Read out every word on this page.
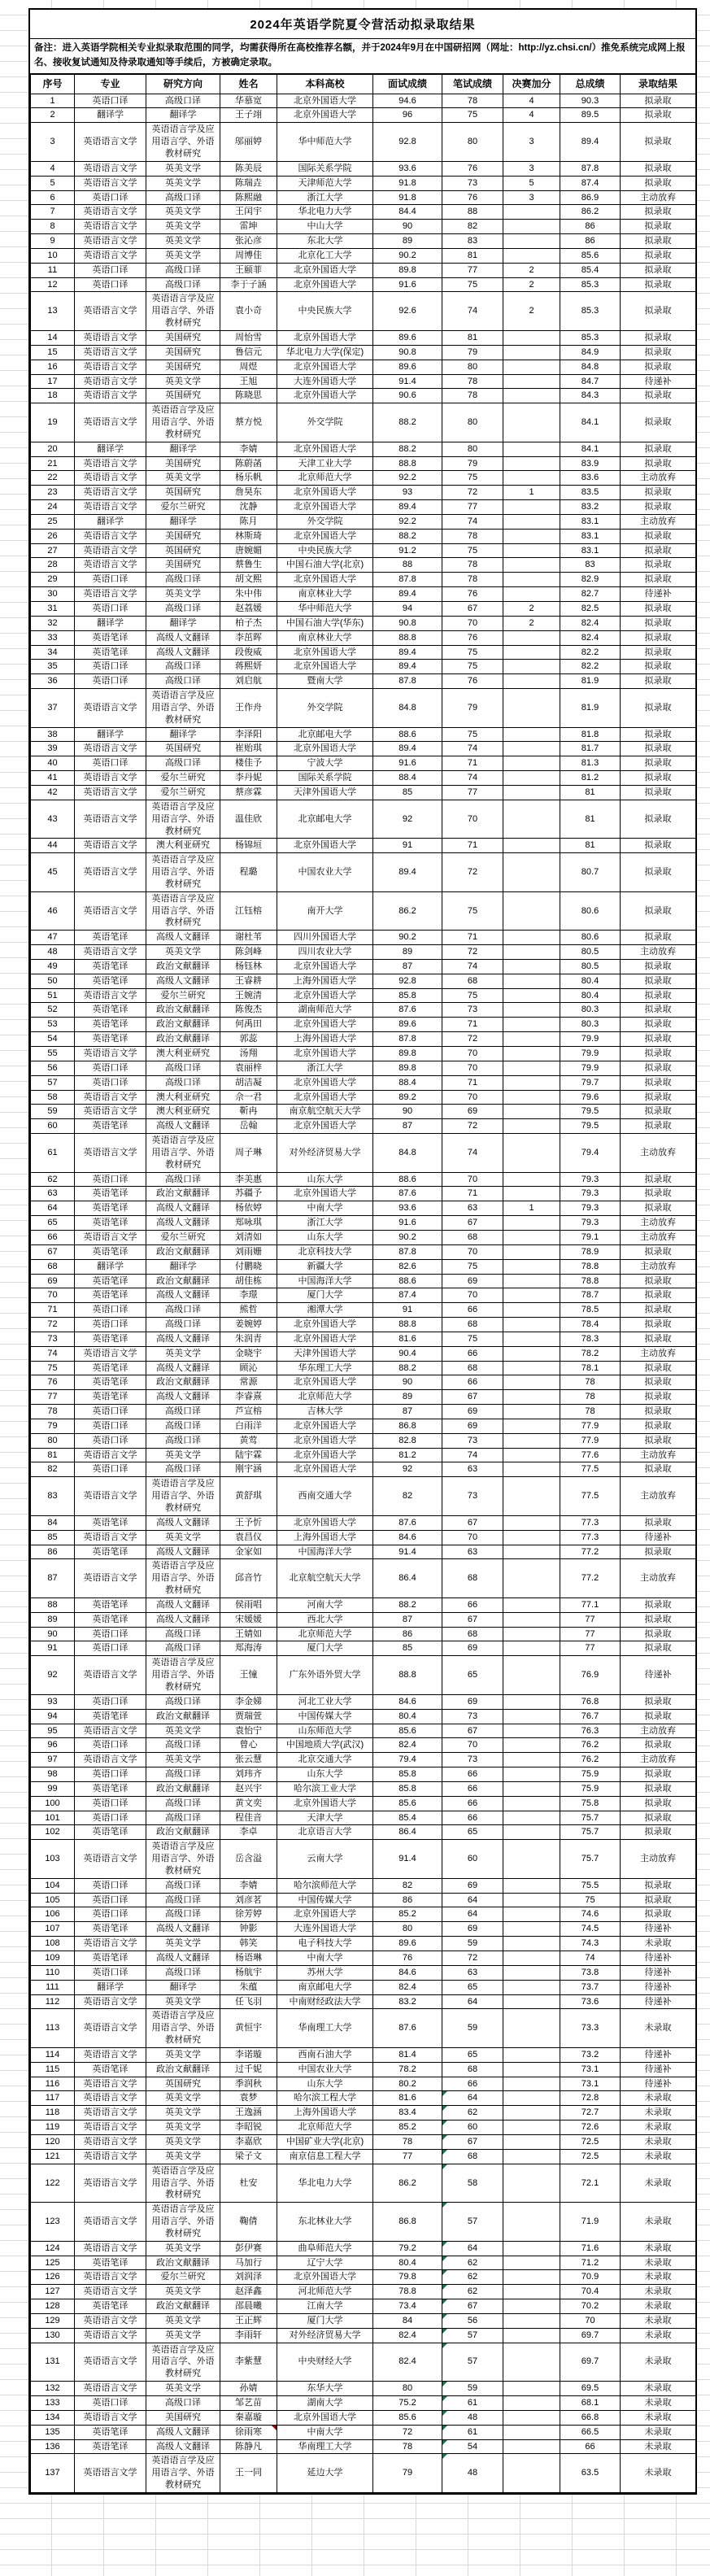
2024年英语学院夏令营活动拟录取结果
备注：进入英语学院相关专业拟录取范围的同学，均需获得所在高校推荐名额，并于2024年9月在中国研招网（网址：http://yz.chsi.cn/）推免系统完成网上报名、接收复试通知及待录取通知等手续后，方被确定录取。
序号	专业	研究方向	姓名	本科高校	面试成绩	笔试成绩	决赛加分	总成绩	录取结果
1	英语口译	高级口译	华慕宽	北京外国语大学	94.6	78	4	90.3	拟录取
2	翻译学	翻译学	王子翊	北京外国语大学	96	75	4	89.5	拟录取
3	英语语言文学	英语语言学及应用语言学、外语教材研究	邬丽婷	华中师范大学	92.8	80	3	89.4	拟录取
4	英语语言文学	英美文学	陈美辰	国际关系学院	93.6	76	3	87.8	拟录取
5	英语语言文学	英美文学	陈瑞垚	天津师范大学	91.8	73	5	87.4	拟录取
6	英语口译	高级口译	陈熙融	浙江大学	91.8	76	3	86.9	主动放弃
7	英语语言文学	英美文学	王闰宇	华北电力大学	84.4	88		86.2	拟录取
8	英语语言文学	英美文学	雷坤	中山大学	90	82		86	拟录取
9	英语语言文学	英美文学	张沁彦	东北大学	89	83		86	拟录取
10	英语语言文学	英美文学	周博佳	北京化工大学	90.2	81		85.6	拟录取
11	英语口译	高级口译	王颐菲	北京外国语大学	89.8	77	2	85.4	拟录取
12	英语口译	高级口译	李于子涵	北京外国语大学	91.6	75	2	85.3	拟录取
13	英语语言文学	英语语言学及应用语言学、外语教材研究	袁小奇	中央民族大学	92.6	74	2	85.3	拟录取
14	英语语言文学	美国研究	周怡雪	北京外国语大学	89.6	81		85.3	拟录取
15	英语语言文学	美国研究	鲁信元	华北电力大学(保定)	90.8	79		84.9	拟录取
16	英语语言文学	美国研究	周煜	北京外国语大学	89.6	80		84.8	拟录取
17	英语语言文学	英美文学	王旭	大连外国语大学	91.4	78		84.7	待递补
18	英语语言文学	英国研究	陈晓思	北京外国语大学	90.6	78		84.3	拟录取
19	英语语言文学	英语语言学及应用语言学、外语教材研究	蔡方悦	外交学院	88.2	80		84.1	拟录取
20	翻译学	翻译学	李婧	北京外国语大学	88.2	80		84.1	拟录取
21	英语语言文学	美国研究	陈蔚菡	天津工业大学	88.8	79		83.9	拟录取
22	英语语言文学	英美文学	杨乐帆	北京师范大学	92.2	75		83.6	主动放弃
23	英语语言文学	英国研究	詹昊东	北京外国语大学	93	72	1	83.5	拟录取
24	英语语言文学	爱尔兰研究	沈静	北京外国语大学	89.4	77		83.2	拟录取
25	翻译学	翻译学	陈月	外交学院	92.2	74		83.1	主动放弃
26	英语语言文学	美国研究	林斯琦	北京外国语大学	88.2	78		83.1	拟录取
27	英语语言文学	英国研究	唐婉媚	中央民族大学	91.2	75		83.1	拟录取
28	英语语言文学	美国研究	蔡鲁生	中国石油大学(北京)	88	78		83	拟录取
29	英语口译	高级口译	胡文熙	北京外国语大学	87.8	78		82.9	拟录取
30	英语语言文学	英美文学	朱中伟	南京林业大学	89.4	76		82.7	待递补
31	英语口译	高级口译	赵荔媛	华中师范大学	94	67	2	82.5	拟录取
32	翻译学	翻译学	柏子杰	中国石油大学(华东)	90.8	70	2	82.4	拟录取
33	英语笔译	高级人文翻译	李茁晖	南京林业大学	88.8	76		82.4	拟录取
34	英语笔译	高级人文翻译	段俊威	北京外国语大学	89.4	75		82.2	拟录取
35	英语口译	高级口译	蒋熙妍	北京外国语大学	89.4	75		82.2	拟录取
36	英语口译	高级口译	刘启航	暨南大学	87.8	76		81.9	拟录取
37	英语语言文学	英语语言学及应用语言学、外语教材研究	王作舟	外交学院	84.8	79		81.9	拟录取
38	翻译学	翻译学	李泽阳	北京邮电大学	88.6	75		81.8	拟录取
39	英语语言文学	英国研究	崔贻琪	北京外国语大学	89.4	74		81.7	拟录取
40	英语口译	高级口译	楼佳予	宁波大学	91.6	71		81.3	拟录取
41	英语语言文学	爱尔兰研究	李丹妮	国际关系学院	88.4	74		81.2	拟录取
42	英语语言文学	爱尔兰研究	蔡彦霖	天津外国语大学	85	77		81	拟录取
43	英语语言文学	英语语言学及应用语言学、外语教材研究	温佳欣	北京邮电大学	92	70		81	拟录取
44	英语语言文学	澳大利亚研究	杨锦垣	北京外国语大学	91	71		81	拟录取
45	英语语言文学	英语语言学及应用语言学、外语教材研究	程璐	中国农业大学	89.4	72		80.7	拟录取
46	英语语言文学	英语语言学及应用语言学、外语教材研究	江钰榕	南开大学	86.2	75		80.6	拟录取
47	英语笔译	高级人文翻译	谢杜苇	四川外国语大学	90.2	71		80.6	拟录取
48	英语语言文学	英美文学	陈剑峰	四川农业大学	89	72		80.5	主动放弃
49	英语笔译	政治文献翻译	杨钰林	北京外国语大学	87	74		80.5	拟录取
50	英语笔译	高级人文翻译	王睿耕	上海外国语大学	92.8	68		80.4	拟录取
51	英语语言文学	爱尔兰研究	王婉清	北京外国语大学	85.8	75		80.4	拟录取
52	英语笔译	政治文献翻译	陈俊杰	湖南师范大学	87.6	73		80.3	拟录取
53	英语笔译	政治文献翻译	何禹田	北京外国语大学	89.6	71		80.3	拟录取
54	英语笔译	政治文献翻译	郭蕊	上海外国语大学	87.8	72		79.9	拟录取
55	英语语言文学	澳大利亚研究	汤翔	北京外国语大学	89.8	70		79.9	拟录取
56	英语口译	高级口译	袁丽梓	浙江大学	89.8	70		79.9	拟录取
57	英语口译	高级口译	胡洁凝	北京外国语大学	88.4	71		79.7	拟录取
58	英语语言文学	澳大利亚研究	佘一君	北京外国语大学	89.2	70		79.6	拟录取
59	英语语言文学	澳大利亚研究	靳冉	南京航空航天大学	90	69		79.5	拟录取
60	英语笔译	高级人文翻译	岳翰	北京外国语大学	87	72		79.5	拟录取
61	英语语言文学	英语语言学及应用语言学、外语教材研究	周子琳	对外经济贸易大学	84.8	74		79.4	主动放弃
62	英语口译	高级口译	李美惠	山东大学	88.6	70		79.3	拟录取
63	英语笔译	政治文献翻译	苏疆予	北京外国语大学	87.6	71		79.3	拟录取
64	英语笔译	高级人文翻译	杨依婷	中南大学	93.6	63	1	79.3	拟录取
65	英语笔译	高级人文翻译	郑咏琪	浙江大学	91.6	67		79.3	主动放弃
66	英语语言文学	爱尔兰研究	刘清如	山东大学	90.2	68		79.1	主动放弃
67	英语笔译	政治文献翻译	刘雨姗	北京科技大学	87.8	70		78.9	拟录取
68	翻译学	翻译学	付鹏晓	新疆大学	82.6	75		78.8	主动放弃
69	英语笔译	政治文献翻译	胡佳栋	中国海洋大学	88.6	69		78.8	拟录取
70	英语笔译	高级人文翻译	李璟	厦门大学	87.4	70		78.7	拟录取
71	英语口译	高级口译	熊哲	湘潭大学	91	66		78.5	拟录取
72	英语口译	高级口译	姜婉婷	北京外国语大学	88.8	68		78.4	拟录取
73	英语笔译	高级人文翻译	朱润青	北京外国语大学	81.6	75		78.3	拟录取
74	英语语言文学	英美文学	金晓宇	天津外国语大学	90.4	66		78.2	主动放弃
75	英语笔译	高级人文翻译	顾沁	华东理工大学	88.2	68		78.1	拟录取
76	英语笔译	政治文献翻译	常源	北京外国语大学	90	66		78	拟录取
77	英语笔译	高级人文翻译	李睿熹	北京师范大学	89	67		78	拟录取
78	英语口译	高级口译	芦宣榕	吉林大学	87	69		78	拟录取
79	英语口译	高级口译	白雨洋	北京外国语大学	86.8	69		77.9	拟录取
80	英语口译	高级口译	黄莺	北京外国语大学	82.8	73		77.9	拟录取
81	英语语言文学	英美文学	陆宇霖	北京外国语大学	81.2	74		77.6	主动放弃
82	英语口译	高级口译	刚宇涵	北京外国语大学	92	63		77.5	拟录取
83	英语语言文学	英语语言学及应用语言学、外语教材研究	黄舒琪	西南交通大学	82	73		77.5	主动放弃
84	英语笔译	高级人文翻译	王予忻	北京外国语大学	87.6	67		77.3	拟录取
85	英语语言文学	英美文学	袁昌仪	上海外国语大学	84.6	70		77.3	待递补
86	英语笔译	高级人文翻译	金家如	中国海洋大学	91.4	63		77.2	拟录取
87	英语语言文学	英语语言学及应用语言学、外语教材研究	邱音竹	北京航空航天大学	86.4	68		77.2	主动放弃
88	英语笔译	高级人文翻译	侯雨唱	河南大学	88.2	66		77.1	拟录取
89	英语笔译	高级人文翻译	宋媛媛	西北大学	87	67		77	拟录取
90	英语口译	高级口译	王婧如	北京师范大学	86	68		77	拟录取
91	英语口译	高级口译	郑海涛	厦门大学	85	69		77	拟录取
92	英语语言文学	英语语言学及应用语言学、外语教材研究	王憧	广东外语外贸大学	88.8	65		76.9	待递补
93	英语口译	高级口译	李金娣	河北工业大学	84.6	69		76.8	拟录取
94	英语笔译	政治文献翻译	贾瑞萱	中国传媒大学	80.4	73		76.7	拟录取
95	英语语言文学	英美文学	袁怡宁	山东师范大学	85.6	67		76.3	主动放弃
96	英语口译	高级口译	曾心	中国地质大学(武汉)	82.4	70		76.2	拟录取
97	英语语言文学	英美文学	张云慧	北京交通大学	79.4	73		76.2	主动放弃
98	英语口译	高级口译	刘玮齐	山东大学	85.8	66		75.9	拟录取
99	英语笔译	政治文献翻译	赵兴宇	哈尔滨工业大学	85.8	66		75.9	拟录取
100	英语口译	高级口译	黄文奕	北京外国语大学	85.6	66		75.8	拟录取
101	英语口译	高级口译	程佳音	天津大学	85.4	66		75.7	拟录取
102	英语笔译	政治文献翻译	李卓	北京语言大学	86.4	65		75.7	拟录取
103	英语语言文学	英语语言学及应用语言学、外语教材研究	岳含溢	云南大学	91.4	60		75.7	主动放弃
104	英语口译	高级口译	李婧	哈尔滨师范大学	82	69		75.5	拟录取
105	英语口译	高级口译	刘彦茗	中国传媒大学	86	64		75	拟录取
106	英语口译	高级口译	徐芳婷	北京外国语大学	85.2	64		74.6	拟录取
107	英语笔译	高级人文翻译	钟影	大连外国语大学	80	69		74.5	待递补
108	英语语言文学	英美文学	韩笑	电子科技大学	89.6	59		74.3	未录取
109	英语笔译	高级人文翻译	杨语琳	中南大学	76	72		74	待递补
110	英语口译	高级口译	杨航宇	苏州大学	84.6	63		73.8	待递补
111	翻译学	翻译学	朱蕴	南京邮电大学	82.4	65		73.7	待递补
112	英语语言文学	英美文学	任飞羽	中南财经政法大学	83.2	64		73.6	待递补
113	英语语言文学	英语语言学及应用语言学、外语教材研究	黄恒宇	华南理工大学	87.6	59		73.3	未录取
114	英语语言文学	英美文学	李诺璇	西南石油大学	81.4	65		73.2	待递补
115	英语笔译	政治文献翻译	过千妮	中国农业大学	78.2	68		73.1	待递补
116	英语语言文学	英国研究	季润秋	山东大学	80.2	66		73.1	待递补
117	英语语言文学	英美文学	袁梦	哈尔滨工程大学	81.6	64		72.8	未录取
118	英语语言文学	英美文学	王逸涵	上海外国语大学	83.4	62		72.7	未录取
119	英语语言文学	英美文学	李昭锐	北京师范大学	85.2	60		72.6	未录取
120	英语语言文学	英美文学	李嘉欣	中国矿业大学(北京)	78	67		72.5	未录取
121	英语语言文学	英美文学	梁子文	南京信息工程大学	77	68		72.5	未录取
122	英语语言文学	英语语言学及应用语言学、外语教材研究	杜安	华北电力大学	86.2	58		72.1	未录取
123	英语语言文学	英语语言学及应用语言学、外语教材研究	鞠倩	东北林业大学	86.8	57		71.9	未录取
124	英语语言文学	英美文学	彭伊赛	曲阜师范大学	79.2	64		71.6	未录取
125	英语笔译	政治文献翻译	马加行	辽宁大学	80.4	62		71.2	未录取
126	英语语言文学	爱尔兰研究	刘润泽	北京外国语大学	79.8	62		70.9	未录取
127	英语语言文学	英美文学	赵泽鑫	河北师范大学	78.8	62		70.4	未录取
128	英语笔译	政治文献翻译	邵晨曦	江南大学	73.4	67		70.2	未录取
129	英语语言文学	英美文学	王正辉	厦门大学	84	56		70	未录取
130	英语语言文学	英美文学	李雨轩	对外经济贸易大学	82.4	57		69.7	未录取
131	英语语言文学	英语语言学及应用语言学、外语教材研究	李紫慧	中央财经大学	82.4	57		69.7	未录取
132	英语语言文学	英美文学	孙婧	东华大学	80	59		69.5	未录取
133	英语口译	高级口译	邹艺苗	湖南大学	75.2	61		68.1	未录取
134	英语语言文学	美国研究	秦嘉璇	北京外国语大学	85.6	48		66.8	未录取
135	英语笔译	高级人文翻译	徐雨寒	中南大学	72	61		66.5	未录取
136	英语笔译	高级人文翻译	陈静凡	华南理工大学	78	54		66	未录取
137	英语语言文学	英语语言学及应用语言学、外语教材研究	王一同	延边大学	79	48		63.5	未录取
